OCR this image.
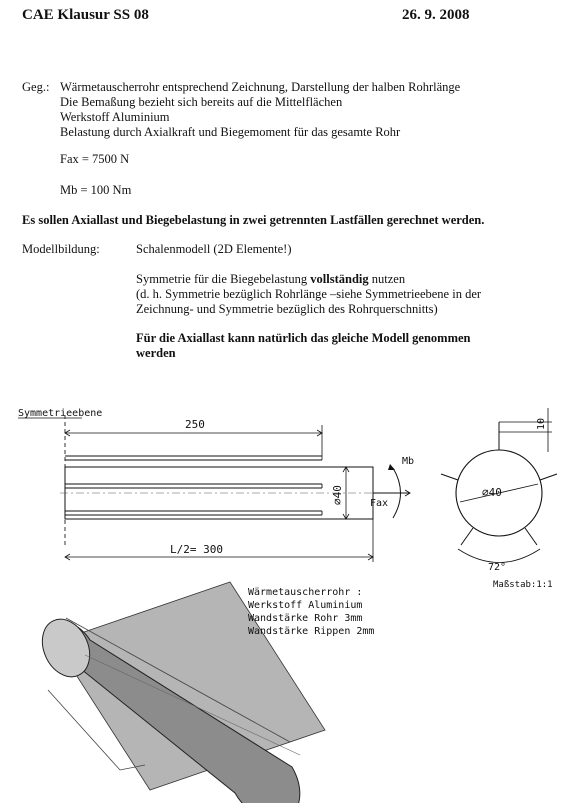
CAE Klausur SS 08	26. 9. 2008
Geg.: Wärmetauscherrohr entsprechend Zeichnung, Darstellung der halben Rohrlänge
Die Bemaßung bezieht sich bereits auf die Mittelflächen
Werkstoff Aluminium
Belastung durch Axialkraft und Biegemoment für das gesamte Rohr
Fax = 7500 N
Mb = 100 Nm
Es sollen Axiallast und Biegebelastung in zwei getrennten Lastfällen gerechnet werden.
Modellbildung:	Schalenmodell (2D Elemente!)
Symmetrie für die Biegebelastung vollständig nutzen
(d. h. Symmetrie bezüglich Rohrlänge –siehe Symmetrieebene in der
Zeichnung- und Symmetrie bezüglich des Rohrquerschnitts)
Für die Axiallast kann natürlich das gleiche Modell genommen
werden
Symmetrieebene
250
⌀40	Fax
Mb
L/2= 300
⌀40
10
72°
Maßstab:1:1
Wärmetauscherrohr :
Werkstoff Aluminium
Wandstärke Rohr 3mm
Wandstärke Rippen 2mm
